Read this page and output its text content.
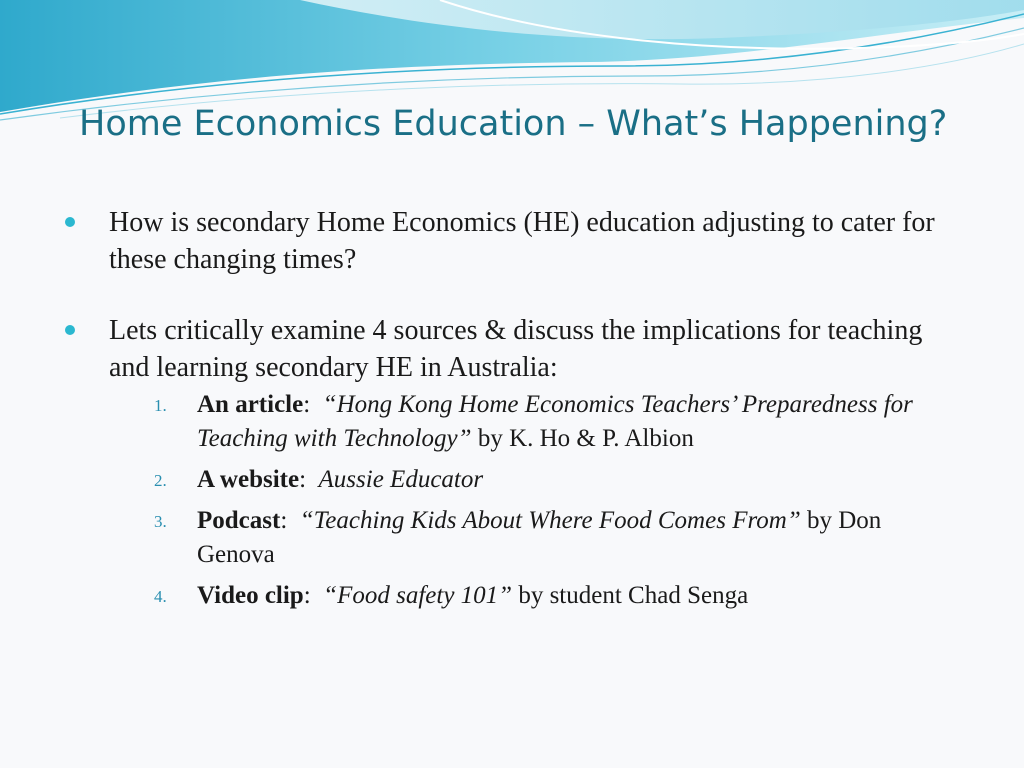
Home Economics Education – What’s Happening?
How is secondary Home Economics (HE) education adjusting to cater for these changing times?
Lets critically examine 4 sources & discuss the implications for teaching and learning secondary HE in Australia:
1.	An article:  “Hong Kong Home Economics Teachers’ Preparedness for Teaching with Technology” by K. Ho & P. Albion
2.	A website:  Aussie Educator
3.	Podcast:  “Teaching Kids About Where Food Comes From” by Don Genova
4.	Video clip:  “Food safety 101” by student Chad Senga
